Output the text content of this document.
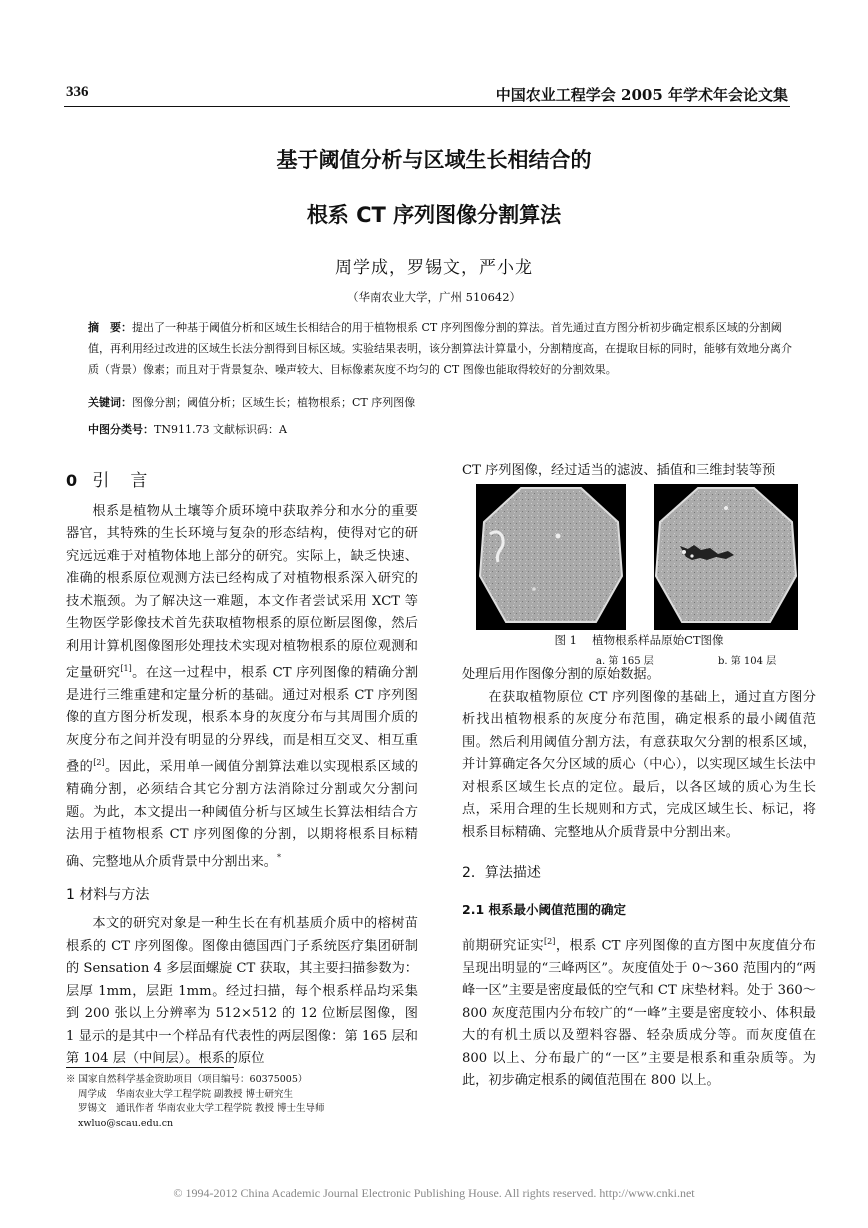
336	中国农业工程学会 2005 年学术年会论文集
基于阈值分析与区域生长相结合的
根系 CT 序列图像分割算法
周学成，罗锡文，严小龙
（华南农业大学，广州 510642）
摘　要：提出了一种基于阈值分析和区域生长相结合的用于植物根系 CT 序列图像分割的算法。首先通过直方图分析初步确定根系区域的分割阈值，再利用经过改进的区域生长法分割得到目标区域。实验结果表明，该分割算法计算量小，分割精度高，在提取目标的同时，能够有效地分离介质（背景）像素；而且对于背景复杂、噪声较大、目标像素灰度不均匀的 CT 图像也能取得较好的分割效果。
关键词：图像分割；阈值分析；区域生长；植物根系；CT 序列图像
中图分类号：TN911.73 文献标识码：A

0 引　言

根系是植物从土壤等介质环境中获取养分和水分的重要器官，其特殊的生长环境与复杂的形态结构，使得对它的研究远远难于对植物体地上部分的研究。实际上，缺乏快速、准确的根系原位观测方法已经构成了对植物根系深入研究的技术瓶颈。为了解决这一难题，本文作者尝试采用 XCT 等生物医学影像技术首先获取植物根系的原位断层图像，然后利用计算机图像图形处理技术实现对植物根系的原位观测和定量研究[1]。在这一过程中，根系 CT 序列图像的精确分割是进行三维重建和定量分析的基础。通过对根系 CT 序列图像的直方图分析发现，根系本身的灰度分布与其周围介质的灰度分布之间并没有明显的分界线，而是相互交叉、相互重叠的[2]。因此，采用单一阈值分割算法难以实现根系区域的精确分割，必须结合其它分割方法消除过分割或欠分割问题。为此，本文提出一种阈值分析与区域生长算法相结合方法用于植物根系 CT 序列图像的分割，以期将根系目标精确、完整地从介质背景中分割出来。*

1 材料与方法

本文的研究对象是一种生长在有机基质介质中的榕树苗根系的 CT 序列图像。图像由德国西门子系统医疗集团研制的 Sensation 4 多层面螺旋 CT 获取，其主要扫描参数为：层厚 1mm，层距 1mm。经过扫描，每个根系样品均采集到 200 张以上分辨率为 512×512 的 12 位断层图像，图 1 显示的是其中一个样品有代表性的两层图像：第 165 层和第 104 层（中间层）。根系的原位

CT 序列图像，经过适当的滤波、插值和三维封装等预
图 1　 植物根系样品原始CT图像
a. 第 165 层	b. 第 104 层

处理后用作图像分割的原始数据。

在获取植物原位 CT 序列图像的基础上，通过直方图分析找出植物根系的灰度分布范围，确定根系的最小阈值范围。然后利用阈值分割方法，有意获取欠分割的根系区域，并计算确定各欠分区域的质心（中心），以实现区域生长法中对根系区域生长点的定位。最后，以各区域的质心为生长点，采用合理的生长规则和方式，完成区域生长、标记，将根系目标精确、完整地从介质背景中分割出来。

2．算法描述

2.1 根系最小阈值范围的确定

前期研究证实[2]，根系 CT 序列图像的直方图中灰度值分布呈现出明显的“三峰两区”。灰度值处于 0～360 范围内的“两峰一区”主要是密度最低的空气和 CT 床垫材料。处于 360～800 灰度范围内分布较广的“一峰”主要是密度较小、体积最大的有机土质以及塑料容器、轻杂质成分等。而灰度值在 800 以上、分布最广的“一区”主要是根系和重杂质等。为此，初步确定根系的阈值范围在 800 以上。

※ 国家自然科学基金资助项目（项目编号：60375005）
周学成　华南农业大学工程学院 副教授 博士研究生
罗锡文　通讯作者 华南农业大学工程学院 教授 博士生导师
xwluo@scau.edu.cn
© 1994-2012 China Academic Journal Electronic Publishing House. All rights reserved. http://www.cnki.net
